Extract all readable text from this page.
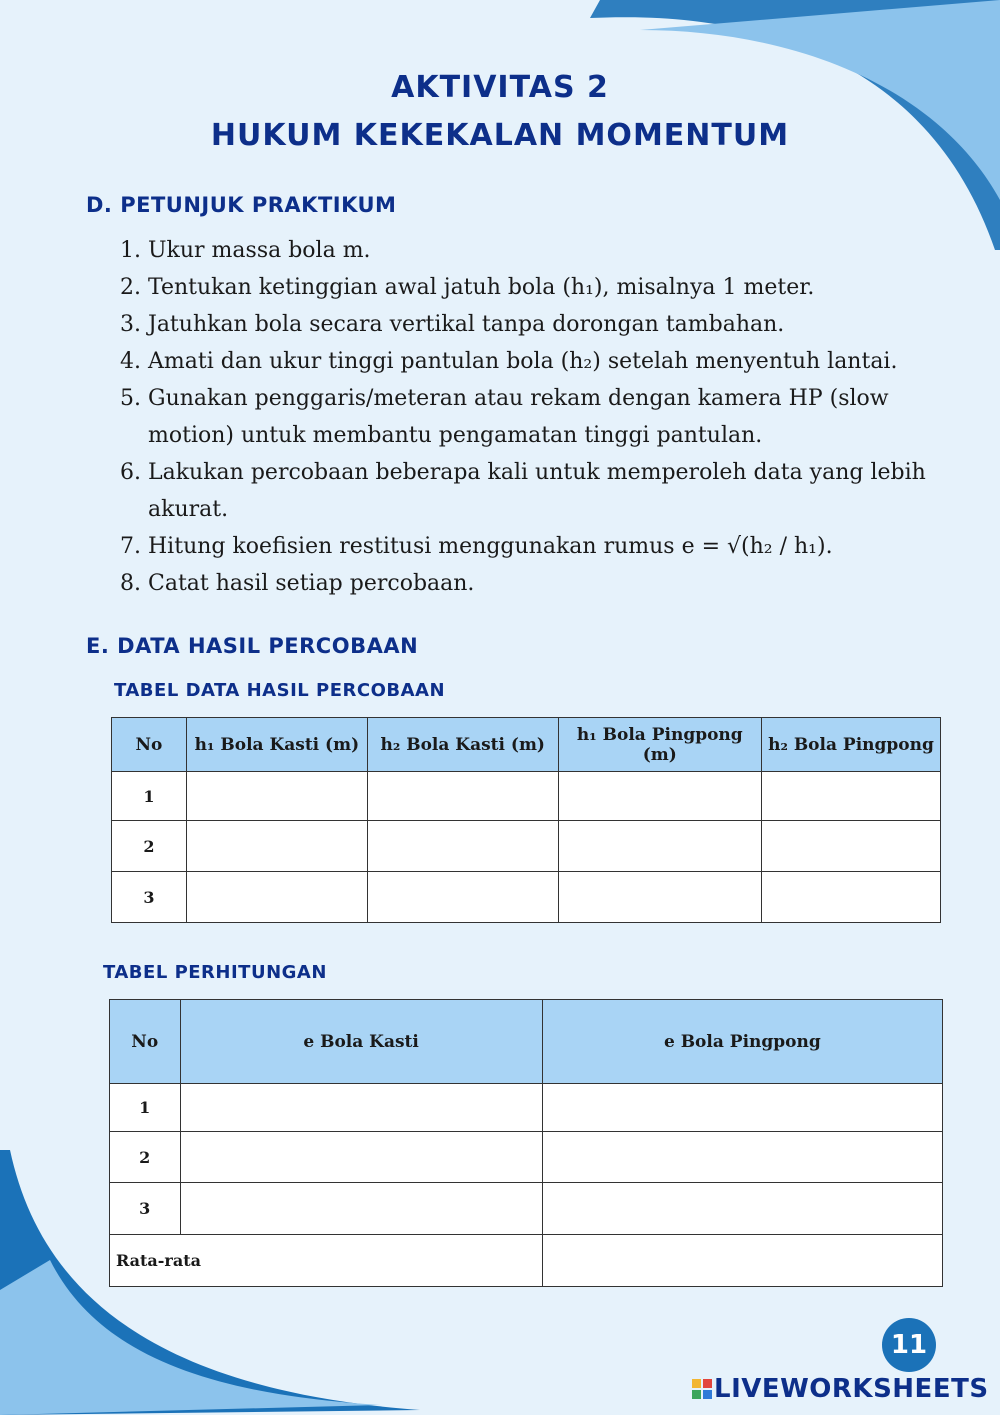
AKTIVITAS 2
HUKUM KEKEKALAN MOMENTUM
D. PETUNJUK PRAKTIKUM
1. Ukur massa bola m.
2. Tentukan ketinggian awal jatuh bola (h₁), misalnya 1 meter.
3. Jatuhkan bola secara vertikal tanpa dorongan tambahan.
4. Amati dan ukur tinggi pantulan bola (h₂) setelah menyentuh lantai.
5. Gunakan penggaris/meteran atau rekam dengan kamera HP (slow motion) untuk membantu pengamatan tinggi pantulan.
6. Lakukan percobaan beberapa kali untuk memperoleh data yang lebih akurat.
7. Hitung koefisien restitusi menggunakan rumus e = √(h₂ / h₁).
8. Catat hasil setiap percobaan.
E. DATA HASIL PERCOBAAN
TABEL DATA HASIL PERCOBAAN
No	h₁ Bola Kasti (m)	h₂ Bola Kasti (m)	h₁ Bola Pingpong (m)	h₂ Bola Pingpong
1				
2				
3				
TABEL PERHITUNGAN
No	e Bola Kasti	e Bola Pingpong
1		
2		
3		
Rata-rata		
11
LIVEWORKSHEETS
